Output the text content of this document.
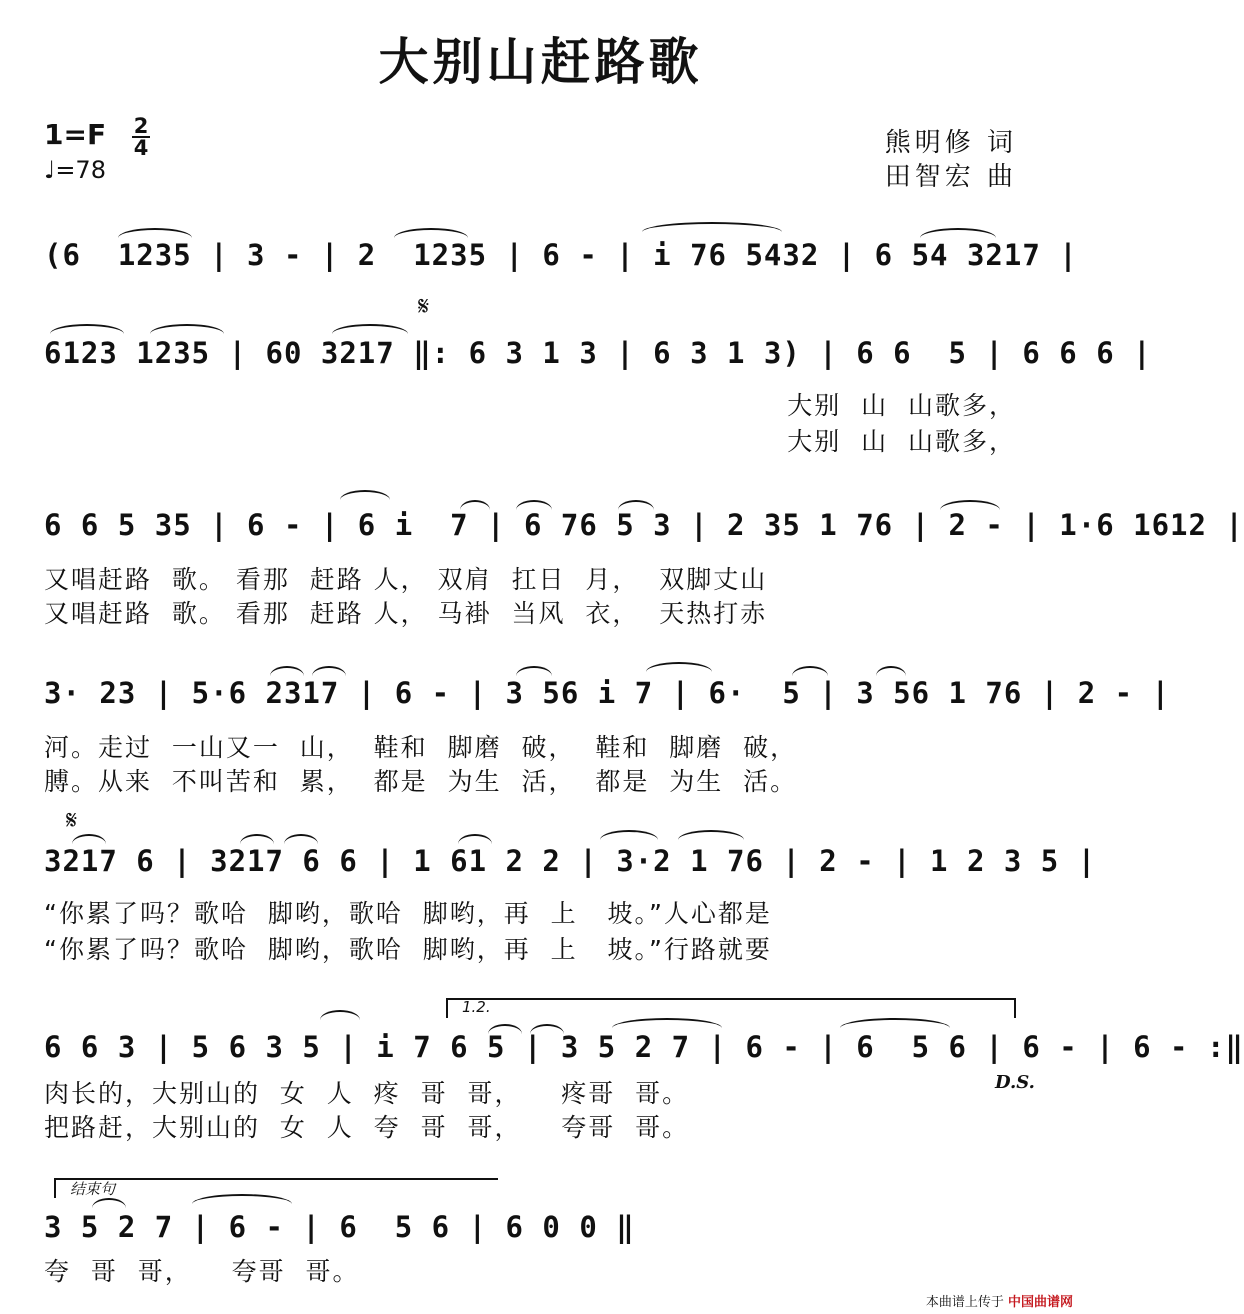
大别山赶路歌
1=F 2
4
♩=78
熊明修 词
田智宏 曲
(6  1235 | 3 - | 2  1235 | 6 - | i 76 5432 | 6 54 3217 |
𝄋
6123 1235 | 60 3217 ‖: 6 3 1 3 | 6 3 1 3) | 6 6  5 | 6 6 6 |
大别  山  山歌多，
大别  山  山歌多，
6 6 5 35 | 6 - | 6 i  7 | 6 76 5 3 | 2 35 1 76 | 2 - | 1·6 1612 |
又唱赶路  歌。 看那  赶路 人， 双肩  扛日  月，  双脚丈山
又唱赶路  歌。 看那  赶路 人， 马褂  当风  衣，  天热打赤
3· 23 | 5·6 2317 | 6 - | 3 56 i 7 | 6·  5 | 3 56 1 76 | 2 - |
河。走过  一山又一  山，  鞋和  脚磨  破，  鞋和  脚磨  破，
膊。从来  不叫苦和  累，  都是  为生  活，  都是  为生  活。
𝄋
3217 6 | 3217 6 6 | 1 61 2 2 | 3·2 1 76 | 2 - | 1 2 3 5 |
“你累了吗？歌哈  脚哟，歌哈  脚哟，再  上   坡。”人心都是
“你累了吗？歌哈  脚哟，歌哈  脚哟，再  上   坡。”行路就要
1.2.
6 6 3 | 5 6 3 5 | i 7 6 5 | 3 5 2 7 | 6 - | 6  5 6 | 6 - | 6 - :‖
D.S.
肉长的，大别山的  女  人  疼  哥  哥，    疼哥  哥。
把路赶，大别山的  女  人  夸  哥  哥，    夸哥  哥。
结束句
3 5 2 7 | 6 - | 6  5 6 | 6 0 0 ‖
夸  哥  哥，    夸哥  哥。
本曲谱上传于 中国曲谱网
